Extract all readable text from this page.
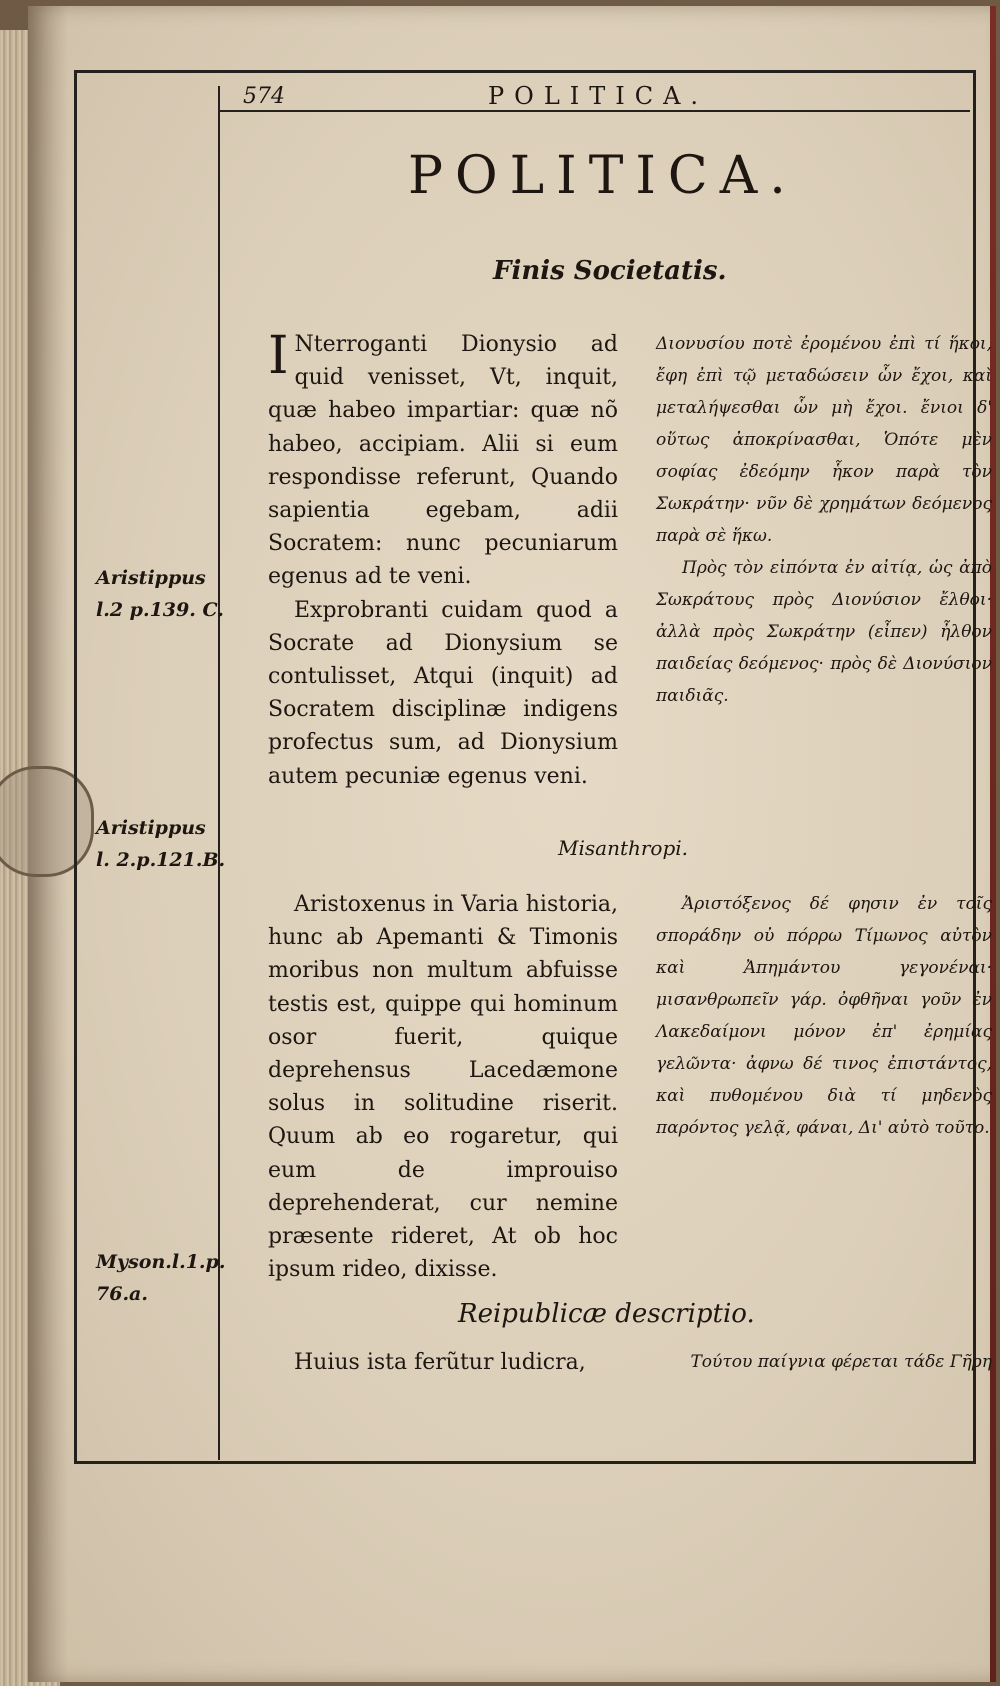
574	POLITICA.
POLITICA.
Finis Societatis.
Aristippus l.2 p.139. C.
Aristippus l. 2.p.121.B.
Myson.l.1.p. 76.a.

I Nterroganti Dionysio ad quid venisset, Vt, inquit, quæ habeo impartiar: quæ nõ habeo, accipiam. Alii si eum respondisse referunt, Quando sapientia egebam, adii Socratem: nunc pecuniarum egenus ad te veni.

Exprobranti cuidam quod a Socrate ad Dionysium se contulisset, Atqui (inquit) ad Socratem disciplinæ indigens profectus sum, ad Dionysium autem pecuniæ egenus veni.

Διονυσίου ποτὲ ἐρομένου ἐπὶ τί ἥκοι, ἔφη ἐπὶ τῷ μεταδώσειν ὧν ἔχοι, καὶ μεταλήψεσθαι ὧν μὴ ἔχοι. ἔνιοι δ' οὕτως ἀποκρίνασθαι, Ὁπότε μὲν σοφίας ἐδεόμην ἧκον παρὰ τὸν Σωκράτην· νῦν δὲ χρημάτων δεόμενος παρὰ σὲ ἥκω.

Πρὸς τὸν εἰπόντα ἐν αἰτίᾳ, ὡς ἀπὸ Σωκράτους πρὸς Διονύσιον ἔλθοι· ἀλλὰ πρὸς Σωκράτην (εἶπεν) ἦλθον παιδείας δεόμενος· πρὸς δὲ Διονύσιον παιδιᾶς.

Misanthropi.

Aristoxenus in Varia historia, hunc ab Apemanti & Timonis moribus non multum abfuisse testis est, quippe qui hominum osor fuerit, quique deprehensus Lacedæmone solus in solitudine riserit. Quum ab eo rogaretur, qui eum de improuiso deprehenderat, cur nemine præsente rideret, At ob hoc ipsum rideo, dixisse.

Ἀριστόξενος δέ φησιν ἐν τοῖς σποράδην οὐ πόρρω Τίμωνος αὐτὸν καὶ Ἀπημάντου γεγονέναι· μισανθρωπεῖν γάρ. ὀφθῆναι γοῦν ἐν Λακεδαίμονι μόνον ἐπ' ἐρημίας γελῶντα· ἀφνω δέ τινος ἐπιστάντος, καὶ πυθομένου διὰ τί μηδενὸς παρόντος γελᾷ, φάναι, Δι' αὐτὸ τοῦτο.

Reipublicæ descriptio.

Huius ista ferũtur ludicra,	Τούτου παίγνια φέρεται τάδε Γῆρη
